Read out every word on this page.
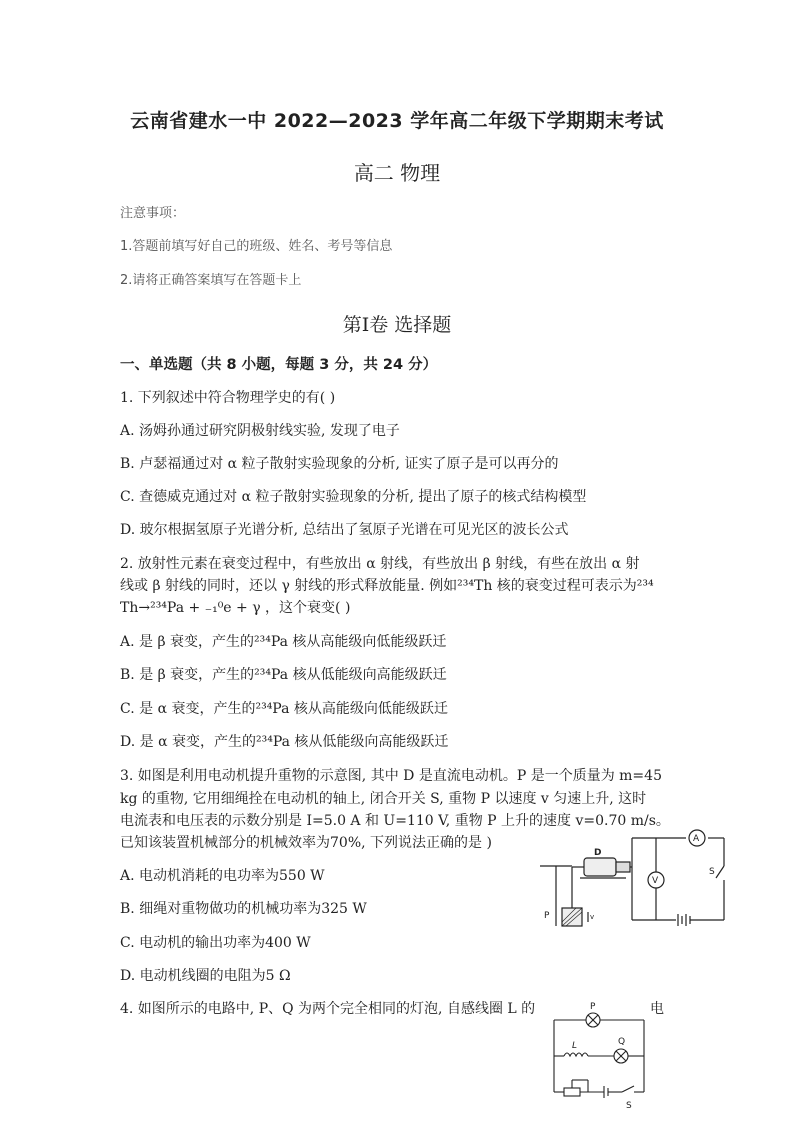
云南省建水一中 2022—2023 学年高二年级下学期期末考试
高二 物理
注意事项：
1.答题前填写好自己的班级、姓名、考号等信息
2.请将正确答案填写在答题卡上
第Ⅰ卷 选择题
一、单选题（共 8 小题，每题 3 分，共 24 分）
1. 下列叙述中符合物理学史的有( )
A. 汤姆孙通过研究阴极射线实验, 发现了电子
B. 卢瑟福通过对 α 粒子散射实验现象的分析, 证实了原子是可以再分的
C. 查德威克通过对 α 粒子散射实验现象的分析, 提出了原子的核式结构模型
D. 玻尔根据氢原子光谱分析, 总结出了氢原子光谱在可见光区的波长公式
2. 放射性元素在衰变过程中，有些放出 α 射线，有些放出 β 射线，有些在放出 α 射
线或 β 射线的同时，还以 γ 射线的形式释放能量. 例如²³⁴Th 核的衰变过程可表示为²³⁴
Th→²³⁴Pa + ₋₁⁰e + γ ，这个衰变( )
A. 是 β 衰变，产生的²³⁴Pa 核从高能级向低能级跃迁
B. 是 β 衰变，产生的²³⁴Pa 核从低能级向高能级跃迁
C. 是 α 衰变，产生的²³⁴Pa 核从高能级向低能级跃迁
D. 是 α 衰变，产生的²³⁴Pa 核从低能级向高能级跃迁
3. 如图是利用电动机提升重物的示意图, 其中 D 是直流电动机。P 是一个质量为 m=45
kg 的重物, 它用细绳拴在电动机的轴上, 闭合开关 S, 重物 P 以速度 v 匀速上升, 这时
电流表和电压表的示数分别是 I=5.0 A 和 U=110 V, 重物 P 上升的速度 v=0.70 m/s。
已知该装置机械部分的机械效率为70%, 下列说法正确的是 )
A. 电动机消耗的电功率为550 W
B. 细绳对重物做功的机械功率为325 W
C. 电动机的输出功率为400 W
D. 电动机线圈的电阻为5 Ω
D
A
V
S
P	v
4. 如图所示的电路中, P、Q 为两个完全相同的灯泡, 自感线圈 L 的	电
P
Q
L
S
